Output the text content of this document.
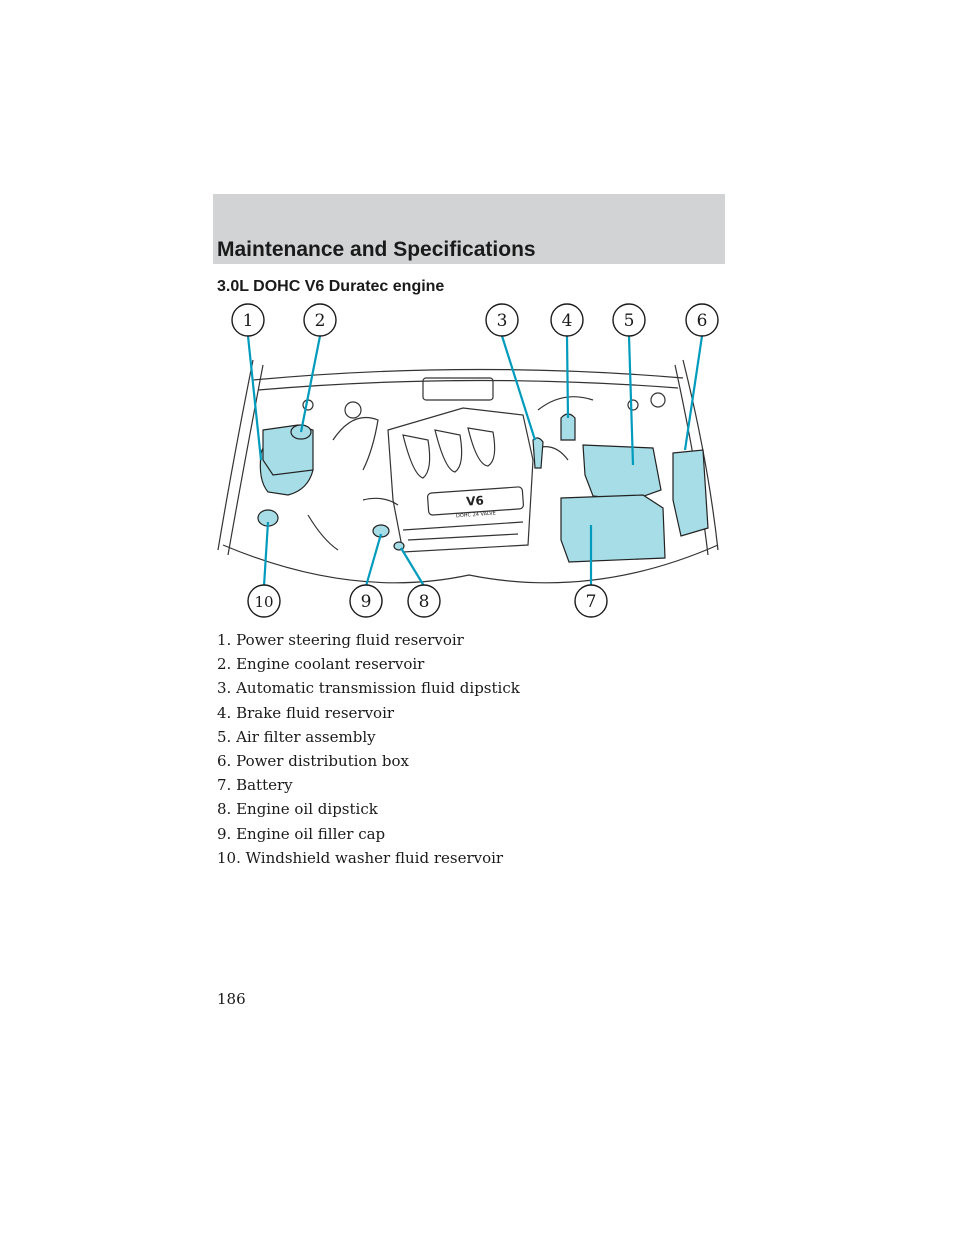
Maintenance and Specifications
3.0L DOHC V6 Duratec engine
V6
DOHC 24 VALVE
1	2	3	4	5	6
7
8
9
10
1. Power steering fluid reservoir
2. Engine coolant reservoir
3. Automatic transmission fluid dipstick
4. Brake fluid reservoir
5. Air filter assembly
6. Power distribution box
7. Battery
8. Engine oil dipstick
9. Engine oil filler cap
10. Windshield washer fluid reservoir

186
